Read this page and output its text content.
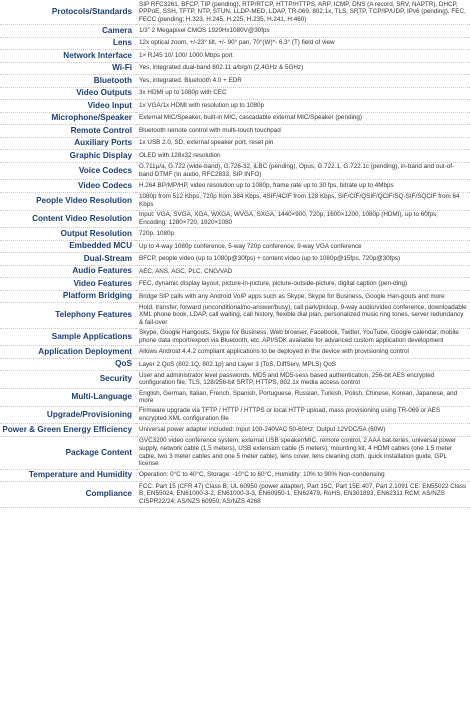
Protocols/Standards	SIP RFC3261, BFCP, TIP (pending), RTP/RTCP, HTTP/HTTPS, ARP, ICMP, DNS (A record, SRV, NAPTR), DHCP, PPPoE, SSH, TFTP, NTP, STUN, LLDP-MED, LDAP, TR-069, 802.1x, TLS, SRTP, TCP/IP/UDP, IPv6 (pending), FEC, FECC (pending; H.323, H.245, H.225, H.235, H.241, H.460)
Camera	1/3” 2 Megapixel CMOS 1920Hx1080V@30fps
Lens	12x optical zoom, +/-23° tilt, +/- 90° pan, 70°(W)*- 6.3° (T) field of view
Network Interface	1× RJ45 10/ 100/ 1000 Mbps port
Wi-Fi	Yes, integrated dual-band 802.11 a/b/g/n (2.4GHz & 5GHz)
Bluetooth	Yes, integrated. Bluetooth 4.0 + EDR
Video Outputs	3x HDMI up to 1080p with CEC
Video Input	1x VGA/1x HDMI with resolution up to 1080p
Microphone/Speaker	External MIC/Speaker, built-in MIC, cascadable external MIC/Speaker (pending)
Remote Control	Bluetooth remote control with multi-touch touchpad
Auxiliary Ports	1x USB 2.0, SD, external speaker port, reset pin
Graphic Display	OLED with 128x32 resolution
Voice Codecs	G.711μ/a, G.722 (wide-band), G.726-32, iLBC (pending), Opus, G.722.1, G.722.1c (pending), in-band and out-of-band DTMF (In audio, RFC2833, SIP INFO)
Video Codecs	H.264 BP/MP/HP, video resolution up to 1080p, frame rate up to 30 fps, bitrate up to 4Mbps
People Video Resolution	1080p from 512 Kbps, 720p from 384 Kbps, 4SIF/4CIF from 128 Kbps, SIF/CIF/QSIF/QCIF/SQ-SIF/SQCIF from 64 Kbps
Content Video Resolution	Input: VGA, SVGA, XGA, WXGA, WVGA, SXGA, 1440×900, 720p, 1600×1200, 1080p (HDMI), up to 60fps; Encoding: 1280×720, 1920×1080
Output Resolution	720p, 1080p
Embedded MCU	Up to 4-way 1080p conference, 5-way 720p conference, 9-way VGA conference
Dual-Stream	BFCP, people video (up to 1080p@30fps) + content video (up to 1080p@15fps, 720p@30fps)
Audio Features	AEC, ANS, AGC, PLC, CNG/VAD
Video Features	FEC, dynamic display layout, picture-in-picture, picture-outside-picture, digital caption (pen-ding)
Platform Bridging	Bridge SIP calls with any Android VoIP apps such as Skype, Skype for Business, Google Han-gouts and more
Telephony Features	Hold, transfer, forward (unconditional/no-answer/busy), call park/pickup, 9-way audio/video conference, downloadable XML phone book, LDAP, call waiting, call history, flexible dial plan, personalized music ring tones, server redundancy & fail-over
Sample Applications	Skype, Google Hangouts, Skype for Business, Web browser, Facebook, Twitter, YouTube, Google calendar, mobile phone data import/export via Bluetooth, etc. API/SDK available for advanced custom application development
Application Deployment	Allows Android 4.4.2 compliant applications to be deployed in the device with provisioning control
QoS	Layer 2 QoS (802.1Q, 802.1p) and Layer 3 (ToS, DiffServ, MPLS) QoS
Security	User and administrator level passwords, MD5 and MD5-sess based authentication, 256-bit AES encrypted configuration file, TLS, 128/256-bit SRTP, HTTPS, 802.1x media access control
Multi-Language	English, German, Italian, French, Spanish, Portuguese, Russian, Turkish, Polish, Chinese, Korean, Japanese, and more
Upgrade/Provisioning	Firmware upgrade via TFTP / HTTP / HTTPS or local HTTP upload, mass provisioning using TR-069 or AES encrypted XML configuration file
Power & Green Energy Efficiency	Universal power adapter included: Input 100-240VAC 50-60Hz; Output 12VDC/5A (60W)
Package Content	GVC3200 video conference system, external USB speaker/MIC, remote control, 2 AAA bat-teries, universal power supply, network cable (1.5 meters), USB extension cable (5 meters), mounting kit, 4 HDMI cables (one 1.5 meter cable, two 3 meter cables and one 5 meter cable), lens cover, lens cleaning cloth, quick installation guide, GPL license
Temperature and Humidity	Operation: 0°C to 40°C, Storage: -10°C to 60°C, Humidity: 10% to 90% Non-condensing
Compliance	FCC: Part 15 (CFR 47) Class B; UL 60950 (power adapter), Part 15C, Part 15E.407, Part 2.1091 CE: EN55022 Class B, EN55024, EN61000-3-2, EN61000-3-3, EN60950-1, EN62479, RoHS, EN301893, EN62311 RCM: AS/NZS CISPR22/24; AS/NZS 60950; AS/NZS 4268
